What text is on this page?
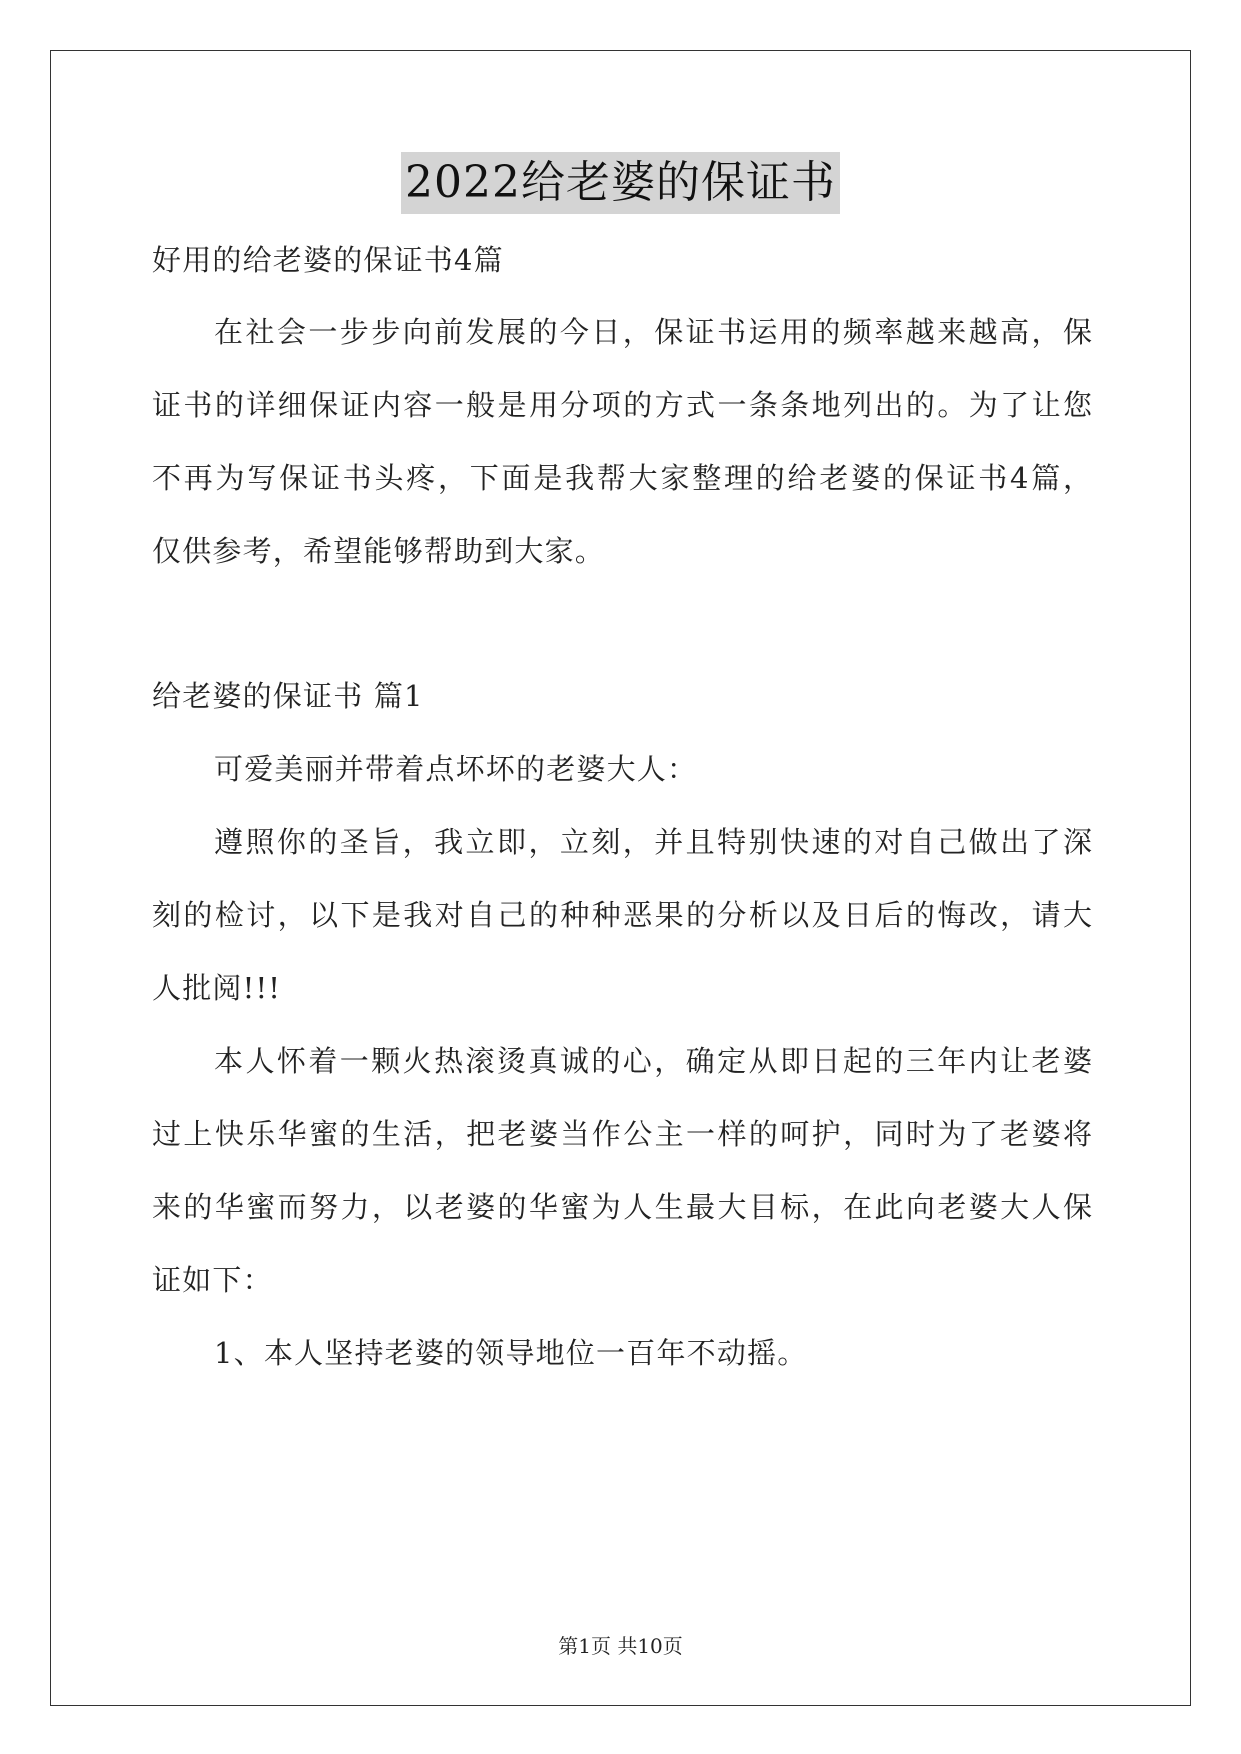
2022给老婆的保证书
好用的给老婆的保证书4篇
在社会一步步向前发展的今日，保证书运用的频率越来越高，保
证书的详细保证内容一般是用分项的方式一条条地列出的。为了让您
不再为写保证书头疼，下面是我帮大家整理的给老婆的保证书4篇，
仅供参考，希望能够帮助到大家。
给老婆的保证书 篇1
可爱美丽并带着点坏坏的老婆大人：
遵照你的圣旨，我立即，立刻，并且特别快速的对自己做出了深
刻的检讨，以下是我对自己的种种恶果的分析以及日后的悔改，请大
人批阅!!!
本人怀着一颗火热滚烫真诚的心，确定从即日起的三年内让老婆
过上快乐华蜜的生活，把老婆当作公主一样的呵护，同时为了老婆将
来的华蜜而努力，以老婆的华蜜为人生最大目标，在此向老婆大人保
证如下：
1、本人坚持老婆的领导地位一百年不动摇。
第1页 共10页
